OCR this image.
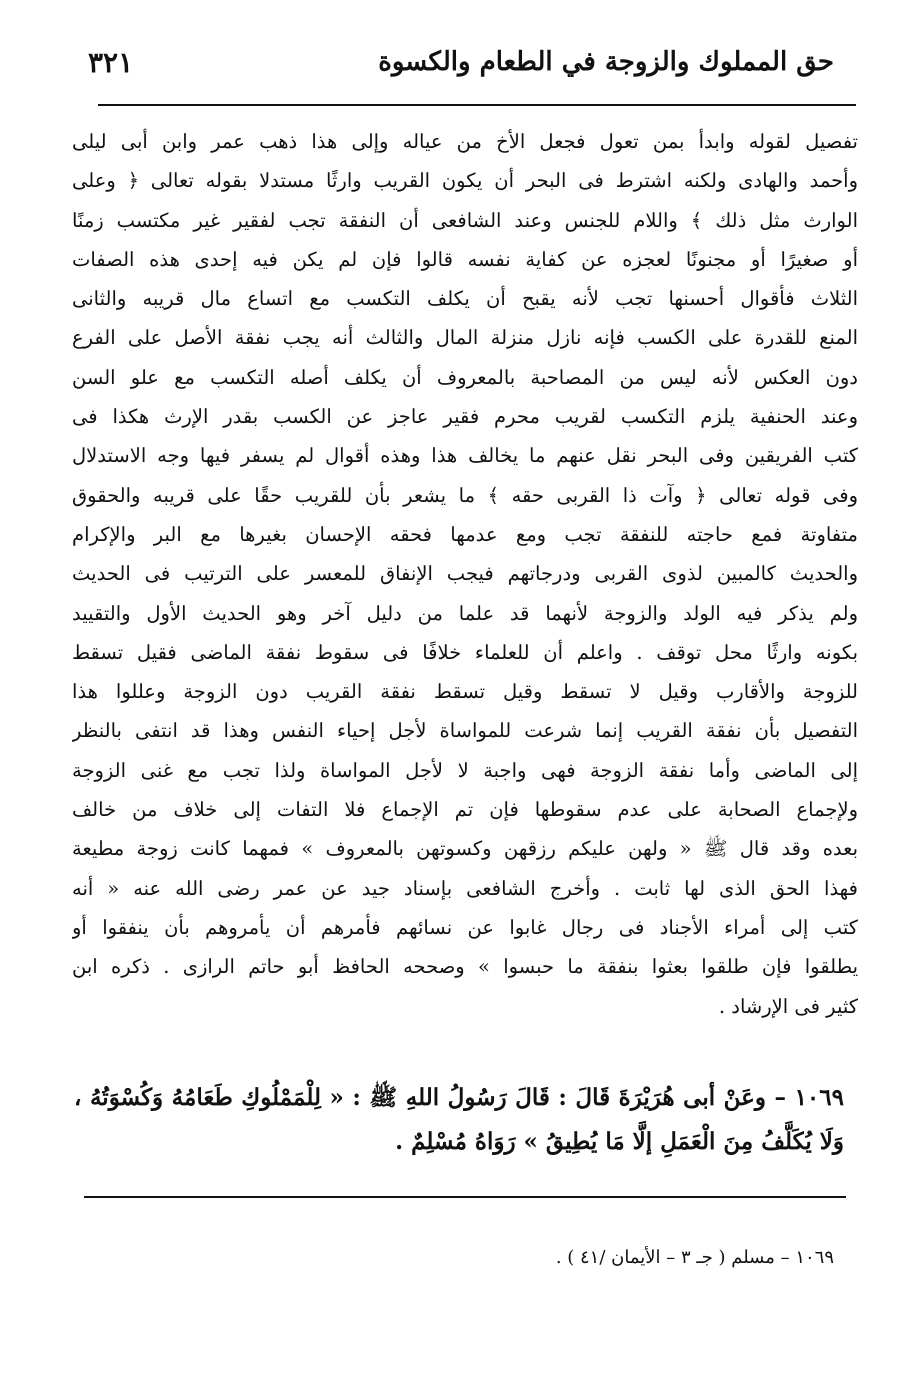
حق المملوك والزوجة في الطعام والكسوة
٣٢١
تفصيل لقوله وابدأ بمن تعول فجعل الأخ من عياله وإلى هذا ذهب عمر وابن أبى ليلى
وأحمد والهادى ولكنه اشترط فى البحر أن يكون القريب وارثًا مستدلا بقوله تعالى ﴿ وعلى
الوارث مثل ذلك ﴾ واللام للجنس وعند الشافعى أن النفقة تجب لفقير غير مكتسب زمنًا
أو صغيرًا أو مجنونًا لعجزه عن كفاية نفسه قالوا فإن لم يكن فيه إحدى هذه الصفات
الثلاث فأقوال أحسنها تجب لأنه يقبح أن يكلف التكسب مع اتساع مال قريبه والثانى
المنع للقدرة على الكسب فإنه نازل منزلة المال والثالث أنه يجب نفقة الأصل على الفرع
دون العكس لأنه ليس من المصاحبة بالمعروف أن يكلف أصله التكسب مع علو السن
وعند الحنفية يلزم التكسب لقريب محرم فقير عاجز عن الكسب بقدر الإرث هكذا فى
كتب الفريقين وفى البحر نقل عنهم ما يخالف هذا وهذه أقوال لم يسفر فيها وجه الاستدلال
وفى قوله تعالى ﴿ وآت ذا القربى حقه ﴾ ما يشعر بأن للقريب حقًا على قريبه والحقوق
متفاوتة فمع حاجته للنفقة تجب ومع عدمها فحقه الإحسان بغيرها مع البر والإكرام
والحديث كالمبين لذوى القربى ودرجاتهم فيجب الإنفاق للمعسر على الترتيب فى الحديث
ولم يذكر فيه الولد والزوجة لأنهما قد علما من دليل آخر وهو الحديث الأول والتقييد
بكونه وارثًا محل توقف . واعلم أن للعلماء خلافًا فى سقوط نفقة الماضى فقيل تسقط
للزوجة والأقارب وقيل لا تسقط وقيل تسقط نفقة القريب دون الزوجة وعللوا هذا
التفصيل بأن نفقة القريب إنما شرعت للمواساة لأجل إحياء النفس وهذا قد انتفى بالنظر
إلى الماضى وأما نفقة الزوجة فهى واجبة لا لأجل المواساة ولذا تجب مع غنى الزوجة
ولإجماع الصحابة على عدم سقوطها فإن تم الإجماع فلا التفات إلى خلاف من خالف
بعده وقد قال ﷺ « ولهن عليكم رزقهن وكسوتهن بالمعروف » فمهما كانت زوجة مطيعة
فهذا الحق الذى لها ثابت . وأخرج الشافعى بإسناد جيد عن عمر رضى الله عنه « أنه
كتب إلى أمراء الأجناد فى رجال غابوا عن نسائهم فأمرهم أن يأمروهم بأن ينفقوا أو
يطلقوا فإن طلقوا بعثوا بنفقة ما حبسوا » وصححه الحافظ أبو حاتم الرازى . ذكره ابن
كثير فى الإرشاد .
١٠٦٩ – وعَنْ أبى هُرَيْرَةَ قَالَ : قَالَ رَسُولُ اللهِ ﷺ : « لِلْمَمْلُوكِ طَعَامُهُ وَكُسْوَتُهُ ،
وَلَا يُكَلَّفُ مِنَ الْعَمَلِ إلَّا مَا يُطِيقُ » رَوَاهُ مُسْلِمٌ .
١٠٦٩ – مسلم ( جـ ٣ – الأيمان /٤١ ) .
